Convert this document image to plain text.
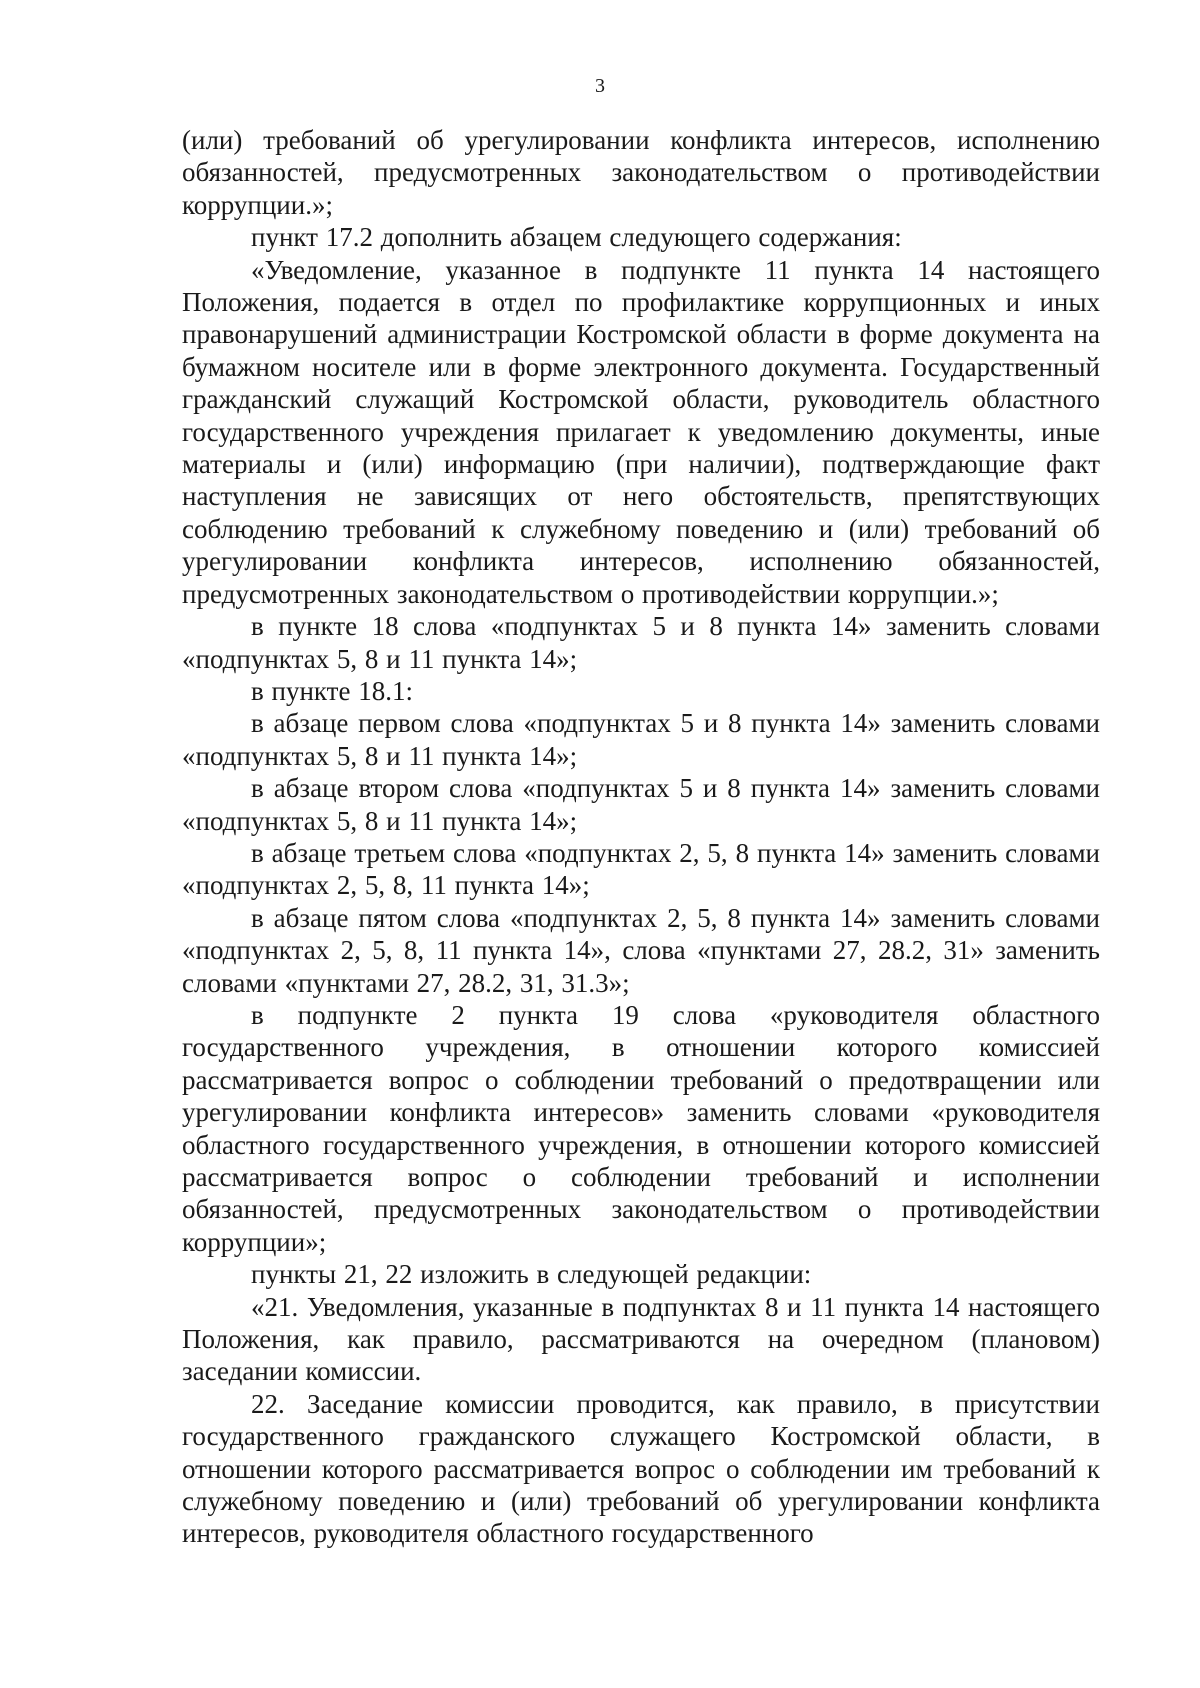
3

(или) требований об урегулировании конфликта интересов, исполнению обязанностей, предусмотренных законодательством о противодействии коррупции.»;

пункт 17.2 дополнить абзацем следующего содержания:

«Уведомление, указанное в подпункте 11 пункта 14 настоящего Положения, подается в отдел по профилактике коррупционных и иных правонарушений администрации Костромской области в форме документа на бумажном носителе или в форме электронного документа. Государственный гражданский служащий Костромской области, руководитель областного государственного учреждения прилагает к уведомлению документы, иные материалы и (или) информацию (при наличии), подтверждающие факт наступления не зависящих от него обстоятельств, препятствующих соблюдению требований к служебному поведению и (или) требований об урегулировании конфликта интересов, исполнению обязанностей, предусмотренных законодательством о противодействии коррупции.»;

в пункте 18 слова «подпунктах 5 и 8 пункта 14» заменить словами «подпунктах 5, 8 и 11 пункта 14»;

в пункте 18.1:

в абзаце первом слова «подпунктах 5 и 8 пункта 14» заменить словами «подпунктах 5, 8 и 11 пункта 14»;

в абзаце втором слова «подпунктах 5 и 8 пункта 14» заменить словами «подпунктах 5, 8 и 11 пункта 14»;

в абзаце третьем слова «подпунктах 2, 5, 8 пункта 14» заменить словами «подпунктах 2, 5, 8, 11 пункта 14»;

в абзаце пятом слова «подпунктах 2, 5, 8 пункта 14» заменить словами «подпунктах 2, 5, 8, 11 пункта 14», слова «пунктами 27, 28.2, 31» заменить словами «пунктами 27, 28.2, 31, 31.3»;

в подпункте 2 пункта 19 слова «руководителя областного государственного учреждения, в отношении которого комиссией рассматривается вопрос о соблюдении требований о предотвращении или урегулировании конфликта интересов» заменить словами «руководителя областного государственного учреждения, в отношении которого комиссией рассматривается вопрос о соблюдении требований и исполнении обязанностей, предусмотренных законодательством о противодействии коррупции»;

пункты 21, 22 изложить в следующей редакции:

«21. Уведомления, указанные в подпунктах 8 и 11 пункта 14 настоящего Положения, как правило, рассматриваются на очередном (плановом) заседании комиссии.

22. Заседание комиссии проводится, как правило, в присутствии государственного гражданского служащего Костромской области, в отношении которого рассматривается вопрос о соблюдении им требований к служебному поведению и (или) требований об урегулировании конфликта интересов, руководителя областного государственного
